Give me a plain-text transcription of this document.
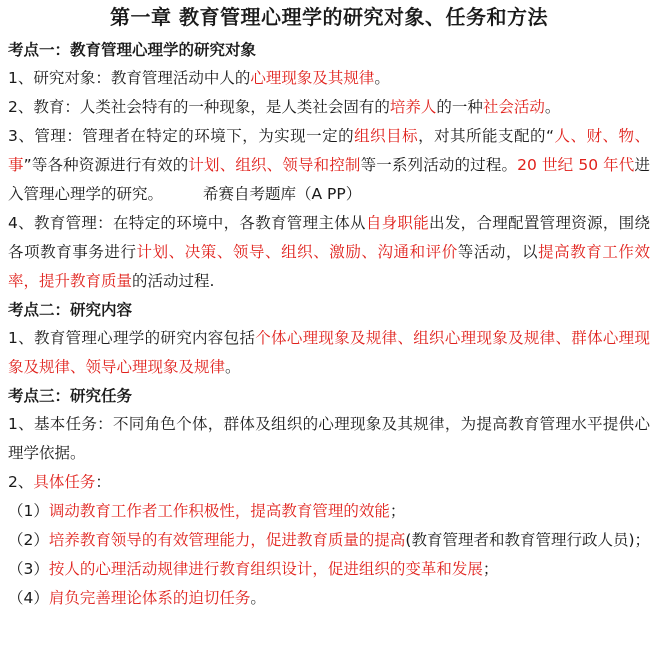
第一章 教育管理心理学的研究对象、任务和方法
考点一：教育管理心理学的研究对象
1、研究对象：教育管理活动中人的心理现象及其规律。
2、教育：人类社会特有的一种现象，是人类社会固有的培养人的一种社会活动。
3、管理：管理者在特定的环境下，为实现一定的组织目标，对其所能支配的“人、财、物、事”等各种资源进行有效的计划、组织、领导和控制等一系列活动的过程。20 世纪 50 年代进入管理心理学的研究。	希赛自考题库（A PP）
4、教育管理：在特定的环境中，各教育管理主体从自身职能出发，合理配置管理资源，围绕各项教育事务进行计划、决策、领导、组织、激励、沟通和评价等活动，以提高教育工作效率，提升教育质量的活动过程.
考点二：研究内容
1、教育管理心理学的研究内容包括个体心理现象及规律、组织心理现象及规律、群体心理现象及规律、领导心理现象及规律。
考点三：研究任务
1、基本任务：不同角色个体，群体及组织的心理现象及其规律，为提高教育管理水平提供心理学依据。
2、具体任务：
（1）调动教育工作者工作积极性，提高教育管理的效能；
（2）培养教育领导的有效管理能力，促进教育质量的提高(教育管理者和教育管理行政人员)；
（3）按人的心理活动规律进行教育组织设计，促进组织的变革和发展；
（4）肩负完善理论体系的迫切任务。
